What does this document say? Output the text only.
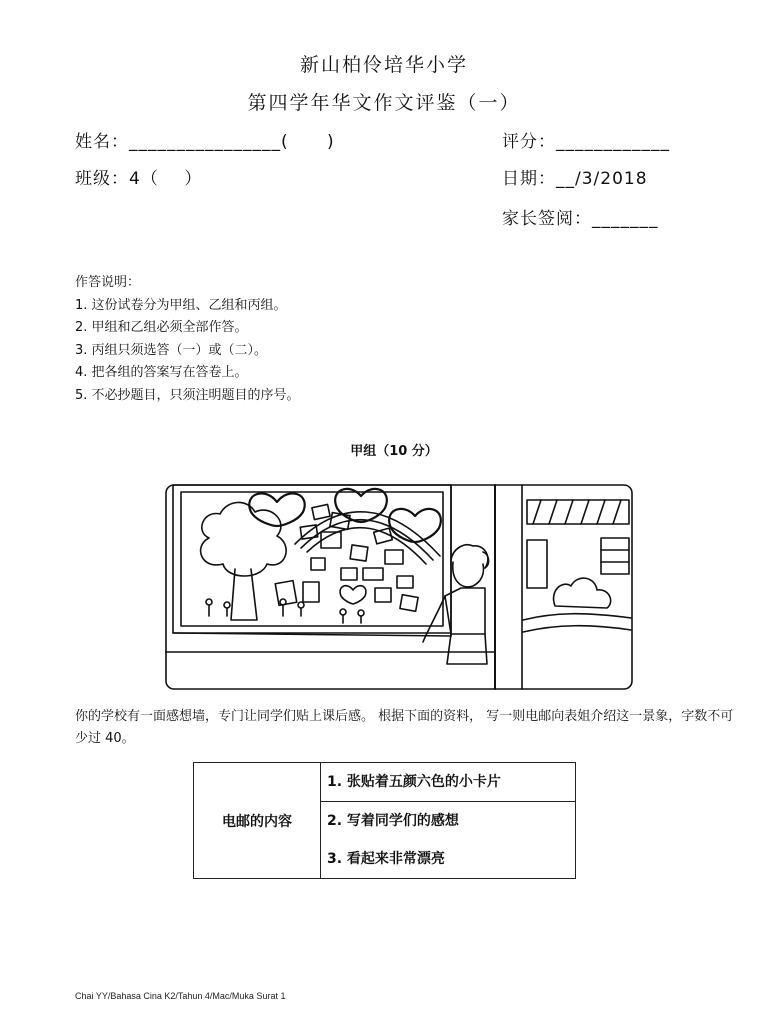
新山柏伶培华小学
第四学年华文作文评鉴（一）
姓名：________________(      )
班级：4（    ）
评分：____________
日期：__/3/2018
家长签阅：_______
作答说明：
1. 这份试卷分为甲组、乙组和丙组。
2. 甲组和乙组必须全部作答。
3. 丙组只须选答（一）或（二）。
4. 把各组的答案写在答卷上。
5. 不必抄题目，只须注明题目的序号。
甲组（10 分）
你的学校有一面感想墙，专门让同学们贴上课后感。 根据下面的资料， 写一则电邮向表姐介绍这一景象，字数不可少过 40。
电邮的内容	1. 张贴着五颜六色的小卡片
2. 写着同学们的感想
3. 看起来非常漂亮
Chai YY/Bahasa Cina K2/Tahun 4/Mac/Muka Surat 1
